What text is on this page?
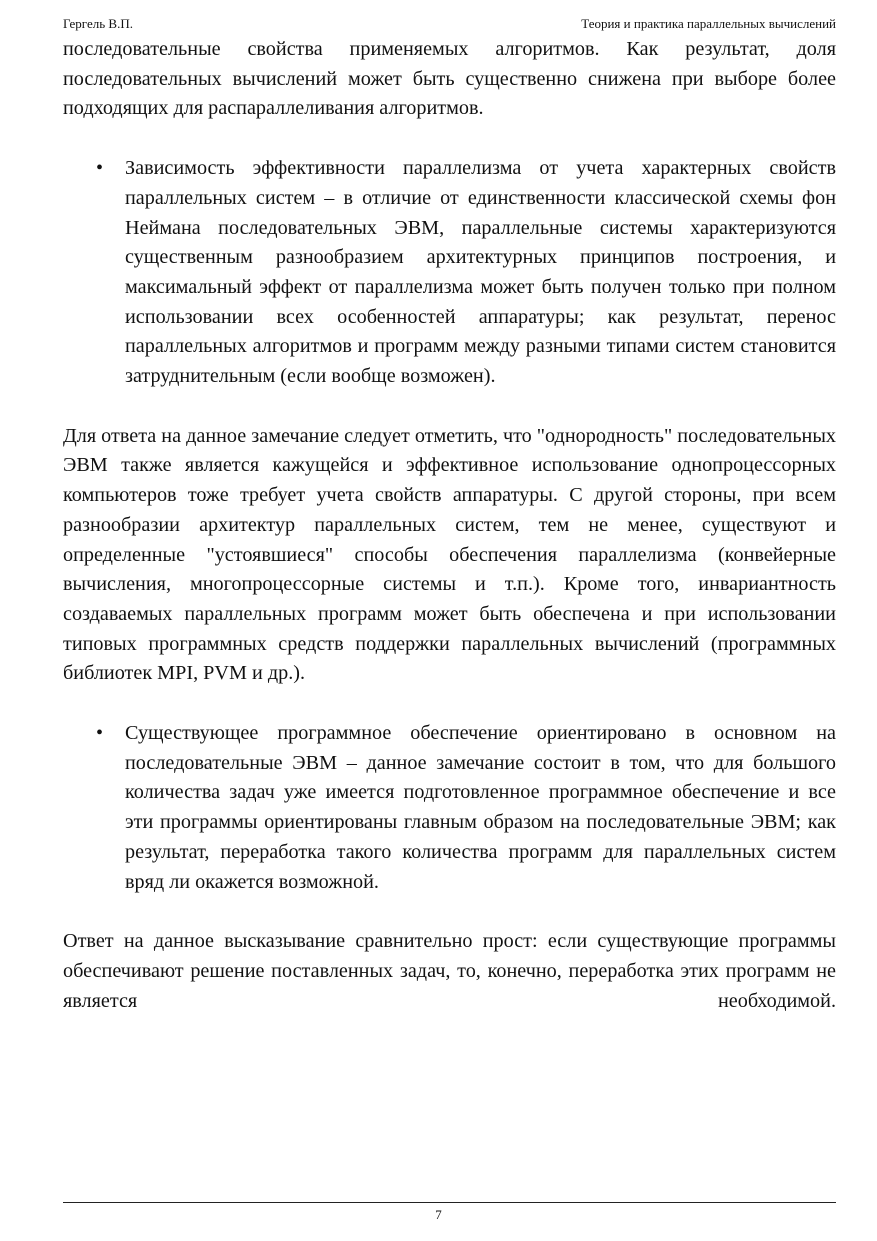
Гергель В.П.	Теория и практика параллельных вычислений

последовательные свойства применяемых алгоритмов. Как результат, доля последовательных вычислений может быть существенно снижена при выборе более подходящих для распараллеливания алгоритмов.

•	Зависимость эффективности параллелизма от учета характерных свойств параллельных систем – в отличие от единственности классической схемы фон Неймана последовательных ЭВМ, параллельные системы характеризуются существенным разнообразием архитектурных принципов построения, и максимальный эффект от параллелизма может быть получен только при полном использовании всех особенностей аппаратуры; как результат, перенос параллельных алгоритмов и программ между разными типами систем становится затруднительным (если вообще возможен).

Для ответа на данное замечание следует отметить, что "однородность" последовательных ЭВМ также является кажущейся и эффективное использование однопроцессорных компьютеров тоже требует учета свойств аппаратуры. С другой стороны, при всем разнообразии архитектур параллельных систем, тем не менее, существуют и определенные "устоявшиеся" способы обеспечения параллелизма (конвейерные вычисления, многопроцессорные системы и т.п.). Кроме того, инвариантность создаваемых параллельных программ может быть обеспечена и при использовании типовых программных средств поддержки параллельных вычислений (программных библиотек MPI, PVM и др.).

•	Существующее программное обеспечение ориентировано в основном на последовательные ЭВМ – данное замечание состоит в том, что для большого количества задач уже имеется подготовленное программное обеспечение и все эти программы ориентированы главным образом на последовательные ЭВМ; как результат, переработка такого количества программ для параллельных систем вряд ли окажется возможной.

Ответ на данное высказывание сравнительно прост: если существующие программы обеспечивают решение поставленных задач, то, конечно, переработка этих программ не является необходимой.

7
